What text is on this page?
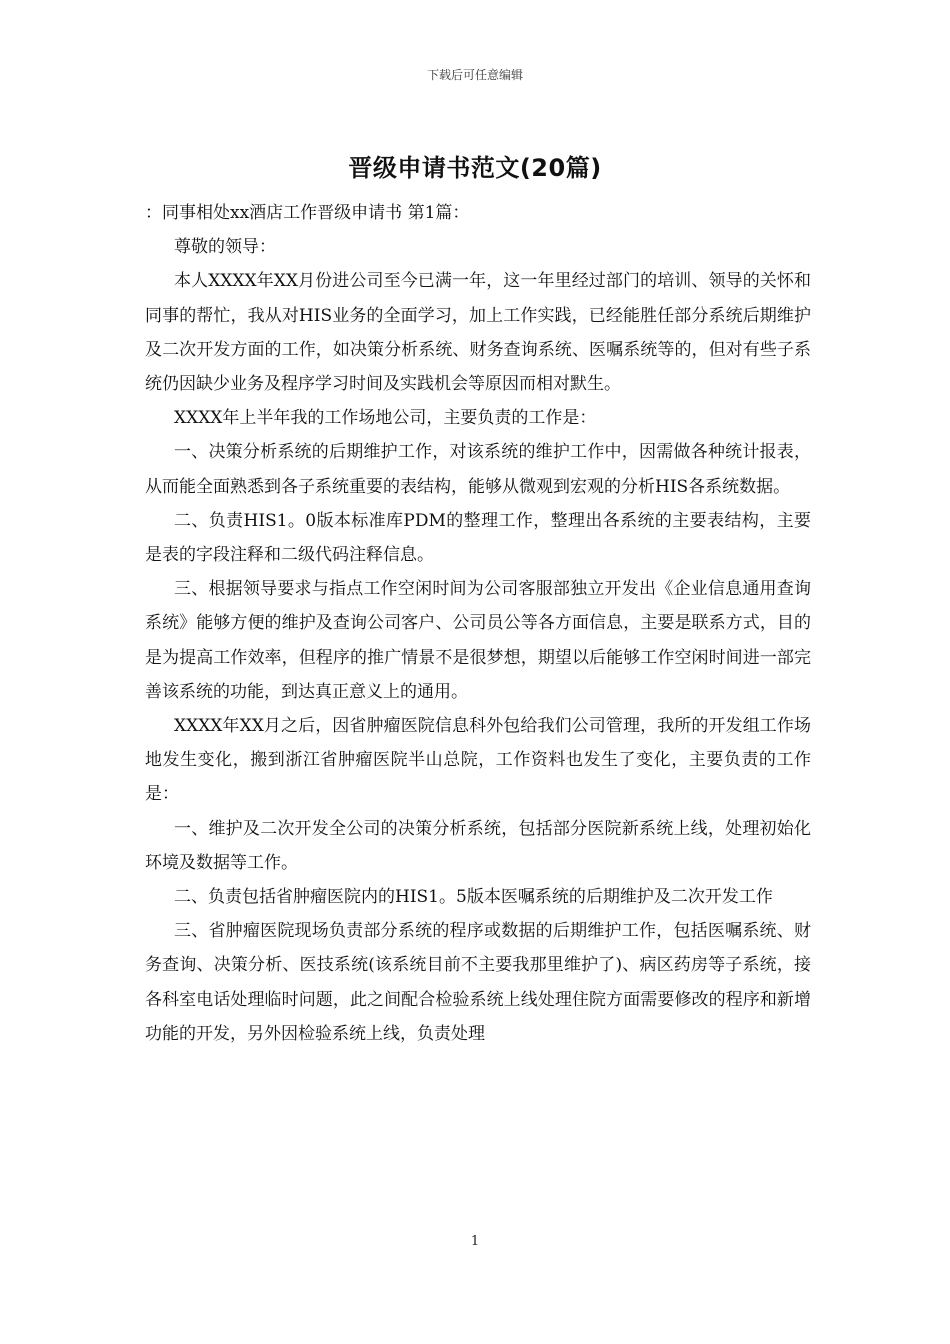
下载后可任意编辑
晋级申请书范文(20篇)

：同事相处xx酒店工作晋级申请书 第1篇：

尊敬的领导：

本人XXXX年XX月份进公司至今已满一年，这一年里经过部门的培训、领导的关怀和同事的帮忙，我从对HIS业务的全面学习，加上工作实践，已经能胜任部分系统后期维护及二次开发方面的工作，如决策分析系统、财务查询系统、医嘱系统等的，但对有些子系统仍因缺少业务及程序学习时间及实践机会等原因而相对默生。

XXXX年上半年我的工作场地公司，主要负责的工作是：

一、决策分析系统的后期维护工作，对该系统的维护工作中，因需做各种统计报表，从而能全面熟悉到各子系统重要的表结构，能够从微观到宏观的分析HIS各系统数据。

二、负责HIS1。0版本标准库PDM的整理工作，整理出各系统的主要表结构，主要是表的字段注释和二级代码注释信息。

三、根据领导要求与指点工作空闲时间为公司客服部独立开发出《企业信息通用查询系统》能够方便的维护及查询公司客户、公司员公等各方面信息，主要是联系方式，目的是为提高工作效率，但程序的推广情景不是很梦想，期望以后能够工作空闲时间进一部完善该系统的功能，到达真正意义上的通用。

XXXX年XX月之后，因省肿瘤医院信息科外包给我们公司管理，我所的开发组工作场地发生变化，搬到浙江省肿瘤医院半山总院，工作资料也发生了变化，主要负责的工作是：

一、维护及二次开发全公司的决策分析系统，包括部分医院新系统上线，处理初始化环境及数据等工作。

二、负责包括省肿瘤医院内的HIS1。5版本医嘱系统的后期维护及二次开发工作

三、省肿瘤医院现场负责部分系统的程序或数据的后期维护工作，包括医嘱系统、财务查询、决策分析、医技系统(该系统目前不主要我那里维护了)、病区药房等子系统，接各科室电话处理临时问题，此之间配合检验系统上线处理住院方面需要修改的程序和新增功能的开发，另外因检验系统上线，负责处理

1
